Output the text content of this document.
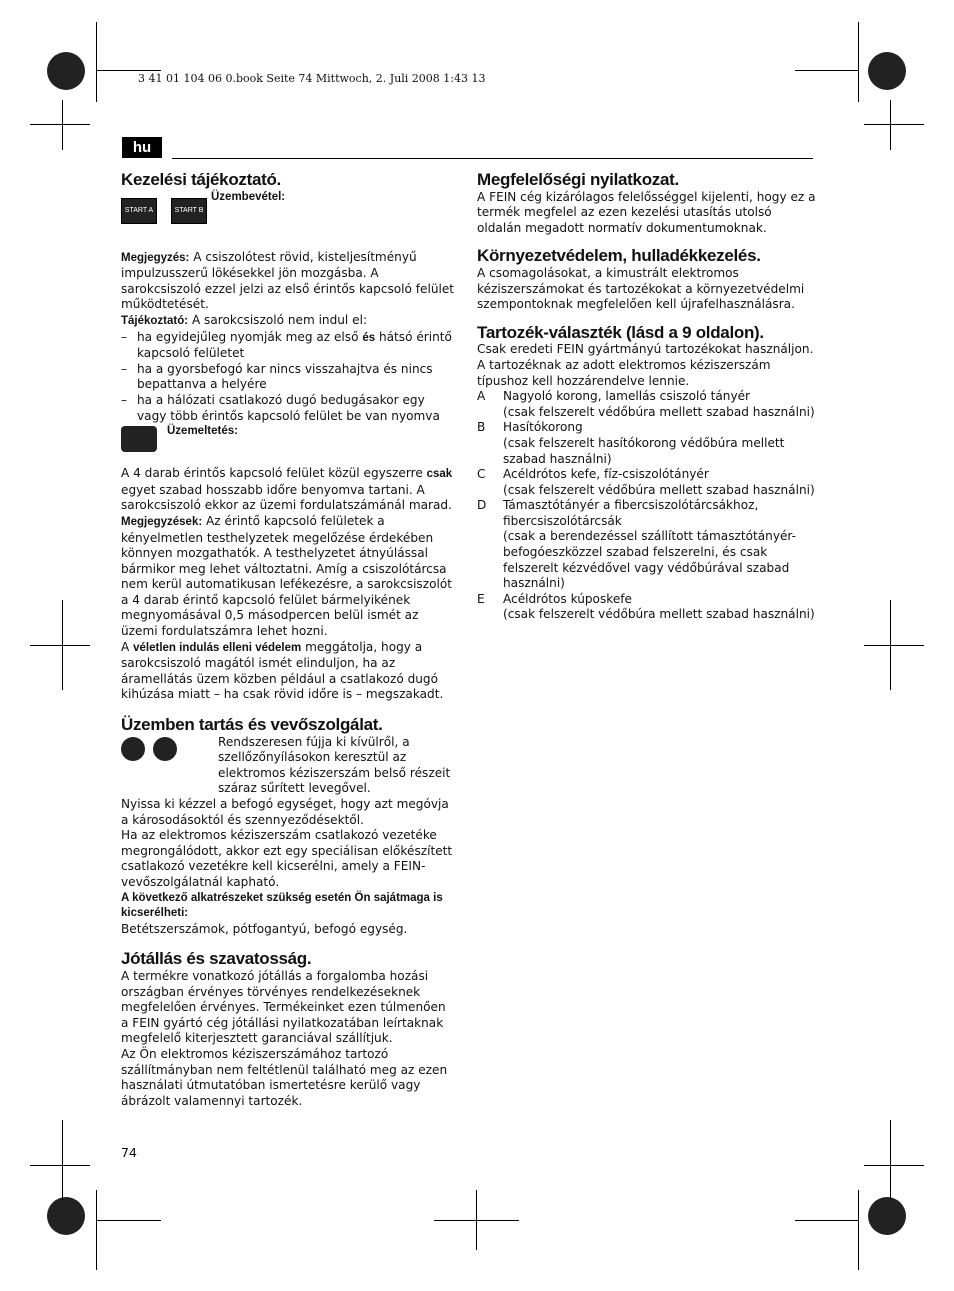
3 41 01 104 06 0.book Seite 74 Mittwoch, 2. Juli 2008 1:43 13
hu
Kezelési tájékoztató.
START A	START B
Üzembevétel:

Megjegyzés: A csiszolótest rövid, kisteljesítményű impulzusszerű lökésekkel jön mozgásba. A sarokcsiszoló ezzel jelzi az első érintős kapcsoló felület működtetését.

Tájékoztató: A sarokcsiszoló nem indul el:

– ha egyidejűleg nyomják meg az első és hátsó érintő kapcsoló felületet

– ha a gyorsbefogó kar nincs visszahajtva és nincs bepattanva a helyére

– ha a hálózati csatlakozó dugó bedugásakor egy vagy több érintős kapcsoló felület be van nyomva

Üzemeltetés:

A 4 darab érintős kapcsoló felület közül egyszerre csak egyet szabad hosszabb időre benyomva tartani. A sarokcsiszoló ekkor az üzemi fordulatszámánál marad.

Megjegyzések: Az érintő kapcsoló felületek a kényelmetlen testhelyzetek megelőzése érdekében könnyen mozgathatók. A testhelyzetet átnyúlással bármikor meg lehet változtatni. Amíg a csiszolótárcsa nem kerül automatikusan lefékezésre, a sarokcsiszolót a 4 darab érintő kapcsoló felület bármelyikének megnyomásával 0,5 másodpercen belül ismét az üzemi fordulatszámra lehet hozni.

A véletlen indulás elleni védelem meggátolja, hogy a sarokcsiszoló magától ismét elinduljon, ha az áramellátás üzem közben például a csatlakozó dugó kihúzása miatt – ha csak rövid időre is – megszakadt.

Üzemben tartás és vevőszolgálat.

Rendszeresen fújja ki kívülről, a szellőzőnyílásokon keresztül az elektromos kéziszerszám belső részeit száraz sűrített levegővel.

Nyissa ki kézzel a befogó egységet, hogy azt megóvja a károsodásoktól és szennyeződésektől.

Ha az elektromos kéziszerszám csatlakozó vezetéke megrongálódott, akkor ezt egy speciálisan előkészített csatlakozó vezetékre kell kicserélni, amely a FEIN-vevőszolgálatnál kapható.

A következő alkatrészeket szükség esetén Ön sajátmaga is kicserélheti:

Betétszerszámok, pótfogantyú, befogó egység.

Jótállás és szavatosság.

A termékre vonatkozó jótállás a forgalomba hozási országban érvényes törvényes rendelkezéseknek megfelelően érvényes. Termékeinket ezen túlmenően a FEIN gyártó cég jótállási nyilatkozatában leírtaknak megfelelő kiterjesztett garanciával szállítjuk.

Az Ön elektromos kéziszerszámához tartozó szállítmányban nem feltétlenül található meg az ezen használati útmutatóban ismertetésre kerülő vagy ábrázolt valamennyi tartozék.

Megfelelőségi nyilatkozat.

A FEIN cég kizárólagos felelősséggel kijelenti, hogy ez a termék megfelel az ezen kezelési utasítás utolsó oldalán megadott normatív dokumentumoknak.

Környezetvédelem, hulladékkezelés.

A csomagolásokat, a kimustrált elektromos kéziszerszámokat és tartozékokat a környezetvédelmi szempontoknak megfelelően kell újrafelhasználásra.

Tartozék-választék (lásd a 9 oldalon).

Csak eredeti FEIN gyártmányú tartozékokat használjon. A tartozéknak az adott elektromos kéziszerszám típushoz kell hozzárendelve lennie.

A Nagyoló korong, lamellás csiszoló tányér

(csak felszerelt védőbúra mellett szabad használni)

B Hasítókorong

(csak felszerelt hasítókorong védőbúra mellett szabad használni)

C Acéldrótos kefe, fíz-csiszolótányér

(csak felszerelt védőbúra mellett szabad használni)

D Támasztótányér a fibercsiszolótárcsákhoz, fibercsiszolótárcsák

(csak a berendezéssel szállított támasztótányér-befogóeszközzel szabad felszerelni, és csak felszerelt kézvédővel vagy védőbúrával szabad használni)

E Acéldrótos kúposkefe

(csak felszerelt védőbúra mellett szabad használni)

74
